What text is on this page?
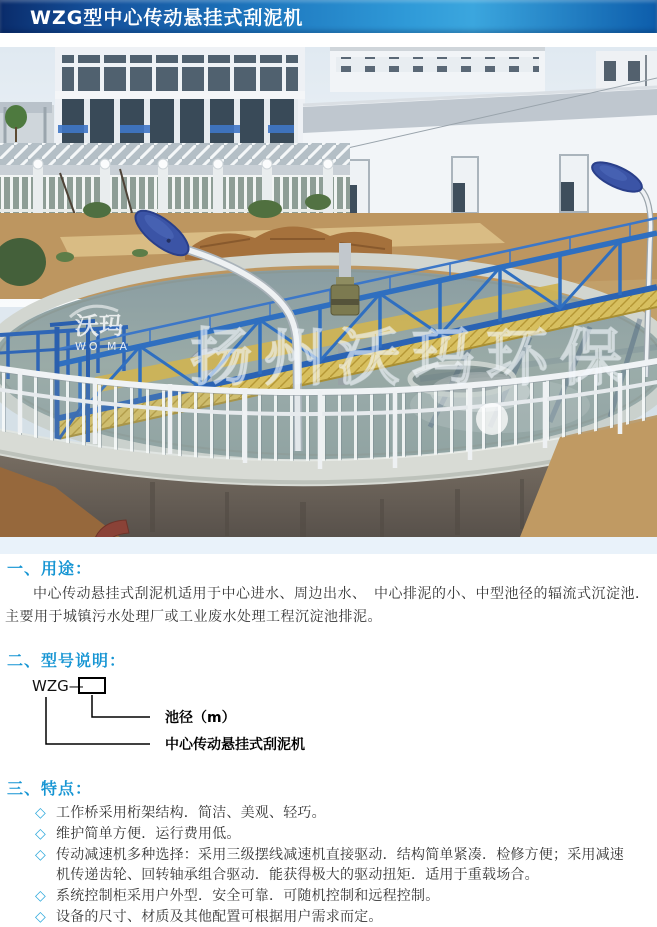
WZG型中心传动悬挂式刮泥机
沃玛
WO MA 扬州沃玛环保
一、用途：

中心传动悬挂式刮泥机适用于中心进水、周边出水、　中心排泥的小、中型池径的辐流式沉淀池．主要用于城镇污水处理厂或工业废水处理工程沉淀池排泥。

二、型号说明：
WZG—
池径（m）
中心传动悬挂式刮泥机
三、特点：
◇ 工作桥采用桁架结构．简洁、美观、轻巧。
◇ 维护简单方便．运行费用低。
◇ 传动减速机多种选择：采用三级摆线减速机直接驱动．结构简单紧凑．检修方便；采用减速机传递齿轮、回转轴承组合驱动．能获得极大的驱动扭矩．适用于重载场合。
◇ 系统控制柜采用户外型．安全可靠．可随机控制和远程控制。
◇ 设备的尺寸、材质及其他配置可根据用户需求而定。
